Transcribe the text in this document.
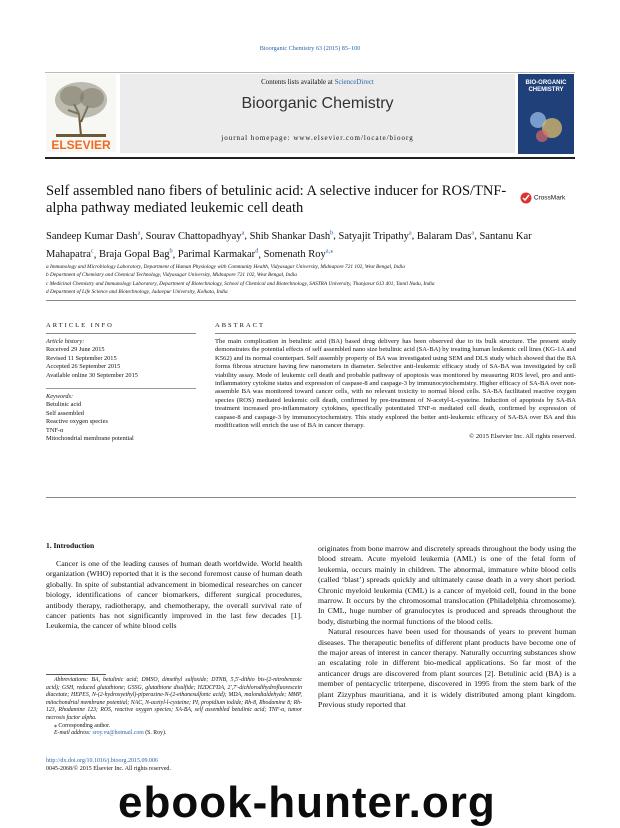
Bioorganic Chemistry 63 (2015) 85–100
ELSEVIER
Contents lists available at ScienceDirect
Bioorganic Chemistry
journal homepage: www.elsevier.com/locate/bioorg
BIO-ORGANIC CHEMISTRY
Self assembled nano fibers of betulinic acid: A selective inducer for ROS/TNF-alpha pathway mediated leukemic cell death
CrossMark
Sandeep Kumar Dash$^a$, Sourav Chattopadhyay$^a$, Shib Shankar Dash$^b$, Satyajit Tripathy$^a$, Balaram Das$^a$, Santanu Kar Mahapatra$^c$, Braja Gopal Bag$^b$, Parimal Karmakar$^d$, Somenath Roy$^{a,⁎}$
a Immunology and Microbiology Laboratory, Department of Human Physiology with Community Health, Vidyasagar University, Midnapore 721 102, West Bengal, India
b Department of Chemistry and Chemical Technology, Vidyasagar University, Midnapore 721 102, West Bengal, India
c Medicinal Chemistry and Immunology Laboratory, Department of Biotechnology, School of Chemical and Biotechnology, SASTRA University, Thanjavur 613 401, Tamil Nadu, India
d Department of Life Science and Biotechnology, Jadavpur University, Kolkata, India
ARTICLE INFO	ABSTRACT
Article history:
Received 29 June 2015
Revised 11 September 2015
Accepted 26 September 2015
Available online 30 September 2015
Keywords:
Betulinic acid
Self assembled
Reactive oxygen species
TNF-α
Mitochondrial membrane potential
The main complication in betulinic acid (BA) based drug delivery has been observed due to its bulk structure. The present study demonstrates the potential effects of self assembled nano size betulinic acid (SA-BA) by treating human leukemic cell lines (KG-1A and K562) and its normal counterpart. Self assembly property of BA was investigated using SEM and DLS study which showed that the BA forms fibrous structure having few nanometers in diameter. Selective anti-leukemic efficacy study of SA-BA was investigated by cell viability assay. Mode of leukemic cell death and probable pathway of apoptosis was monitored by measuring ROS level, pro and anti-inflammatory cytokine status and expression of caspase-8 and caspage-3 by immunocytochemistry. Higher efficacy of SA-BA over non-assemble BA was monitored toward cancer cells, with no relevant toxicity to normal blood cells. SA-BA facilitated reactive oxygen species (ROS) mediated leukemic cell death, confirmed by pre-treatment of N-acetyl-L-cysteine. Induction of apoptosis by SA-BA treatment increased pro-inflammatory cytokines, specifically potentiated TNF-α mediated cell death, confirmed by expression of caspase-8 and caspage-3 by immunocytochemistry. This study explored the better anti-leukemic efficacy of SA-BA over BA and this modification will enrich the use of BA in cancer therapy.
© 2015 Elsevier Inc. All rights reserved.
1. Introduction
Cancer is one of the leading causes of human death worldwide. World health organization (WHO) reported that it is the second foremost cause of human death globally. In spite of substantial advancement in biomedical researches on cancer biology, identifications of cancer biomarkers, different surgical procedures, antibody therapy, radiotherapy, and chemotherapy, the overall survival rate of cancer patients has not significantly improved in the last few decades [1]. Leukemia, the cancer of white blood cells
originates from bone marrow and discretely spreads throughout the body using the blood stream. Acute myeloid leukemia (AML) is one of the fetal form of leukemia, occurs mainly in children. The abnormal, immature white blood cells (called ‘blast’) spreads quickly and ultimately cause death in a very short period. Chronic myeloid leukemia (CML) is a cancer of myeloid cell, found in the bone marrow. It occurs by the chromosomal translocation (Philadelphia chromosome). In CML, huge number of granulocytes is produced and spreads throughout the body, disturbing the normal functions of the blood cells.
Natural resources have been used for thousands of years to prevent human diseases. The therapeutic benefits of different plant products have become one of the major areas of interest in cancer therapy. Naturally occurring substances show an escalating role in different bio-medical applications. So far most of the anticancer drugs are discovered from plant sources [2]. Betulinic acid (BA) is a member of pentacyclic triterpene, discovered in 1995 from the stem bark of the plant Zizyphus mauritiana, and it is widely distributed among plant kingdom. Previous study reported that
Abbreviations: BA, betulinic acid; DMSO, dimethyl sulfoxide; DTNB, 5,5′-dithio bis-(2-nitrobenzoic acid); GSH, reduced glutathione; GSSG, glutathione disulfide; H2DCFDA, 2′,7′-dichlorodihydrofluorescein diacetate; HEPES, N-(2-hydroxyethyl)-piperazine-N-(2-ethanesulfonic acid); MDA, malondialdehyde; MMP, mitochondrial membrane potential; NAC, N-acetyl-l-cysteine; PI, propidium iodide; Rh-8, Rhodamine 8; Rh-123, Rhodamine 123; ROS, reactive oxygen species; SA-BA, self assembled betulinic acid; TNF-α, tumor necrosis factor alpha.
⁎ Corresponding author.
E-mail address: sroy.vu@hotmail.com (S. Roy).
http://dx.doi.org/10.1016/j.bioorg.2015.09.006
0045-2068/© 2015 Elsevier Inc. All rights reserved.
ebook-hunter.org
